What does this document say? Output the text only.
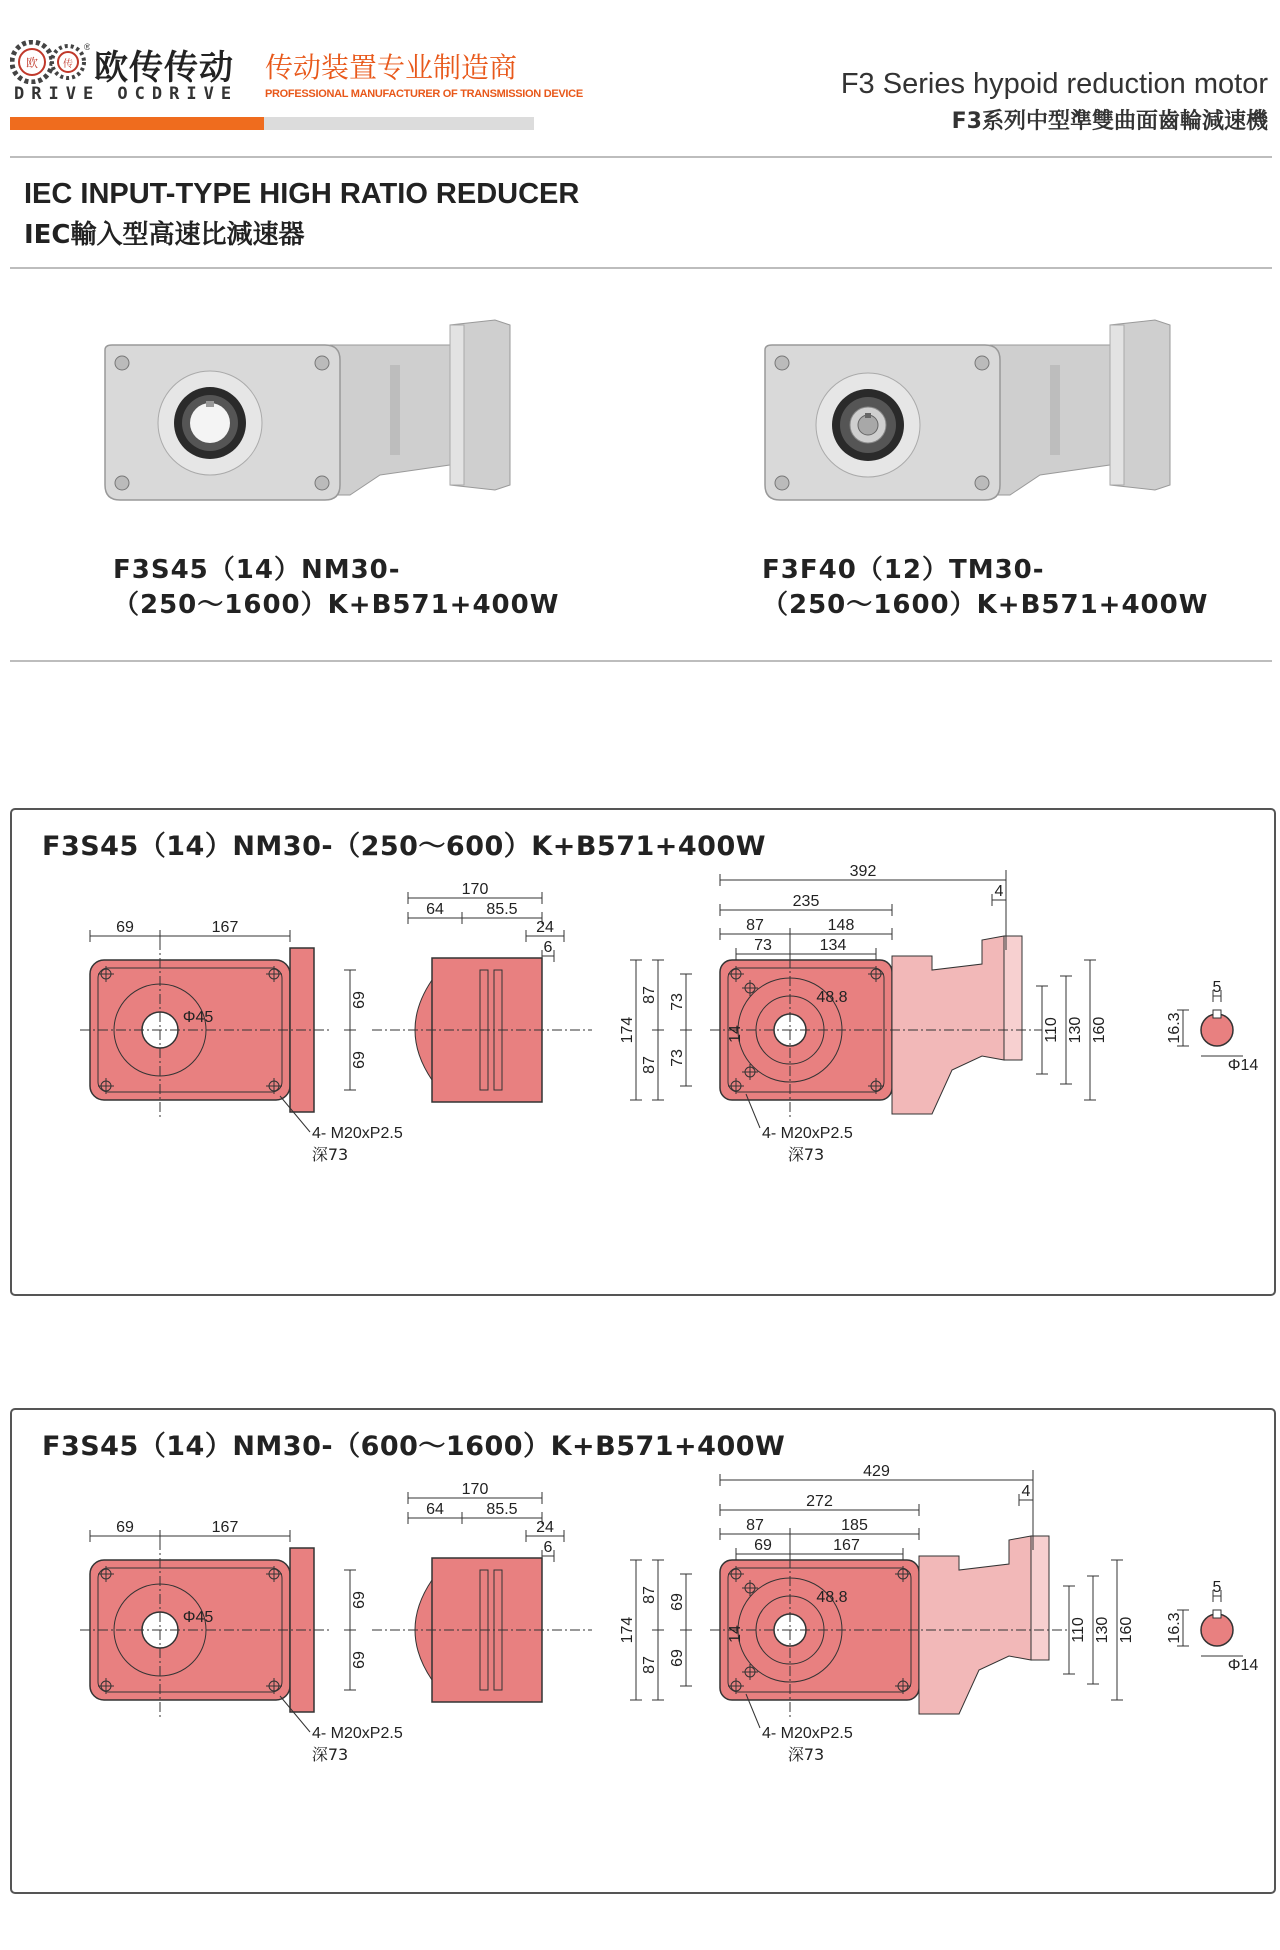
欧 传
®
欧传传动
DRIVE OCDRIVE
传动装置专业制造商
PROFESSIONAL MANUFACTURER OF TRANSMISSION DEVICE	F3 Series hypoid reduction motor
F3系列中型準雙曲面齒輪減速機
IEC INPUT-TYPE HIGH RATIO REDUCER
IEC輸入型高速比減速器
F3S45（14）NM30-
（250～1600）K+B571+400W
F3F40（12）TM30-
（250～1600）K+B571+400W
F3S45（14）NM30-（250～600）K+B571+400W
Φ45
69	167
69
69
4- M20xP2.5
深73
170
64	85.5
24
6
48.8
14
392
235
87	148
73	134
4
174
87
87
73
73
110 130 160
4- M20xP2.5
深73
5
16.3
Φ14
F3S45（14）NM30-（600～1600）K+B571+400W
Φ45
69	167
69
69
4- M20xP2.5
深73
170
64	85.5
24
6
48.8
14
429
272
87	185
69	167
4
174
87
87
69
69
110 130 160
4- M20xP2.5
深73
5
16.3
Φ14
